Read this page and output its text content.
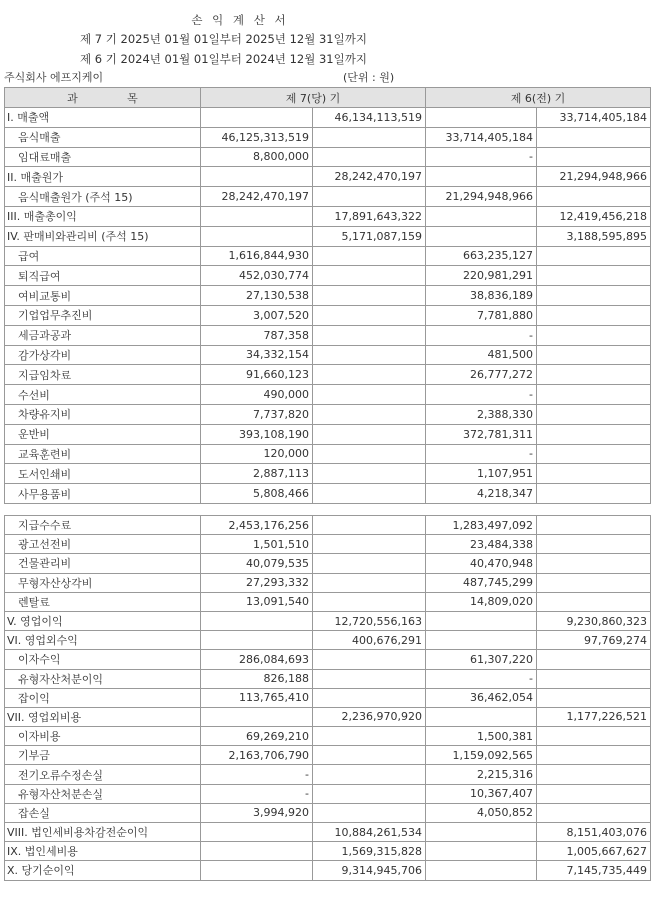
손 익 계 산 서
제 7 기 2025년 01월 01일부터 2025년 12월 31일까지
제 6 기 2024년 01월 01일부터 2024년 12월 31일까지
주식회사 에프지케이	(단위 : 원)
과 목	제 7(당) 기		제 6(전) 기	
I. 매출액		46,134,113,519		33,714,405,184
음식매출	46,125,313,519		33,714,405,184	
임대료매출	8,800,000		-	
II. 매출원가		28,242,470,197		21,294,948,966
음식매출원가 (주석 15)	28,242,470,197		21,294,948,966	
III. 매출총이익		17,891,643,322		12,419,456,218
IV. 판매비와관리비 (주석 15)		5,171,087,159		3,188,595,895
급여	1,616,844,930		663,235,127	
퇴직급여	452,030,774		220,981,291	
여비교통비	27,130,538		38,836,189	
기업업무추진비	3,007,520		7,781,880	
세금과공과	787,358		-	
감가상각비	34,332,154		481,500	
지급임차료	91,660,123		26,777,272	
수선비	490,000		-	
차량유지비	7,737,820		2,388,330	
운반비	393,108,190		372,781,311	
교육훈련비	120,000		-	
도서인쇄비	2,887,113		1,107,951	
사무용품비	5,808,466		4,218,347	
지급수수료	2,453,176,256		1,283,497,092	
광고선전비	1,501,510		23,484,338	
건물관리비	40,079,535		40,470,948	
무형자산상각비	27,293,332		487,745,299	
렌탈료	13,091,540		14,809,020	
V. 영업이익		12,720,556,163		9,230,860,323
VI. 영업외수익		400,676,291		97,769,274
이자수익	286,084,693		61,307,220	
유형자산처분이익	826,188		-	
잡이익	113,765,410		36,462,054	
VII. 영업외비용		2,236,970,920		1,177,226,521
이자비용	69,269,210		1,500,381	
기부금	2,163,706,790		1,159,092,565	
전기오류수정손실	-		2,215,316	
유형자산처분손실	-		10,367,407	
잡손실	3,994,920		4,050,852	
VIII. 법인세비용차감전순이익		10,884,261,534		8,151,403,076
IX. 법인세비용		1,569,315,828		1,005,667,627
X. 당기순이익		9,314,945,706		7,145,735,449
